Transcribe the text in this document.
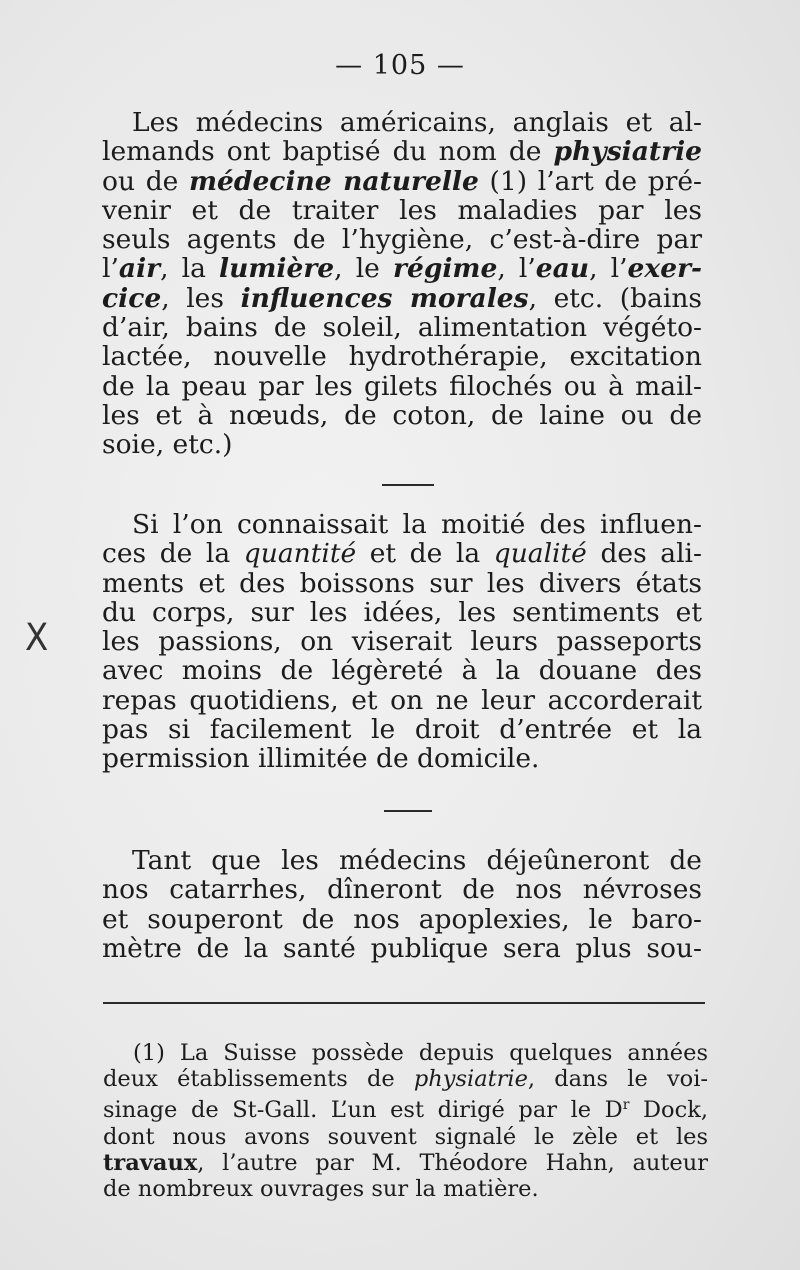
— 105 —
X

Les médecins américains, anglais et al-
lemands ont baptisé du nom de physiatrie
ou de médecine naturelle (1) l’art de pré-
venir et de traiter les maladies par les
seuls agents de l’hygiène, c’est-à-dire par
l’air, la lumière, le régime, l’eau, l’exer-
cice, les influences morales, etc. (bains
d’air, bains de soleil, alimentation végéto-
lactée, nouvelle hydrothérapie, excitation
de la peau par les gilets filochés ou à mail-
les et à nœuds, de coton, de laine ou de
soie, etc.)

Si l’on connaissait la moitié des influen-
ces de la quantité et de la qualité des ali-
ments et des boissons sur les divers états
du corps, sur les idées, les sentiments et
les passions, on viserait leurs passeports
avec moins de légèreté à la douane des
repas quotidiens, et on ne leur accorderait
pas si facilement le droit d’entrée et la
permission illimitée de domicile.

Tant que les médecins déjeûneront de
nos catarrhes, dîneront de nos névroses
et souperont de nos apoplexies, le baro-
mètre de la santé publique sera plus sou-

(1) La Suisse possède depuis quelques années
deux établissements de physiatrie, dans le voi-
sinage de St-Gall. L’un est dirigé par le $D^r$ Dock,
dont nous avons souvent signalé le zèle et les
travaux, l’autre par M. Théodore Hahn, auteur
de nombreux ouvrages sur la matière.
